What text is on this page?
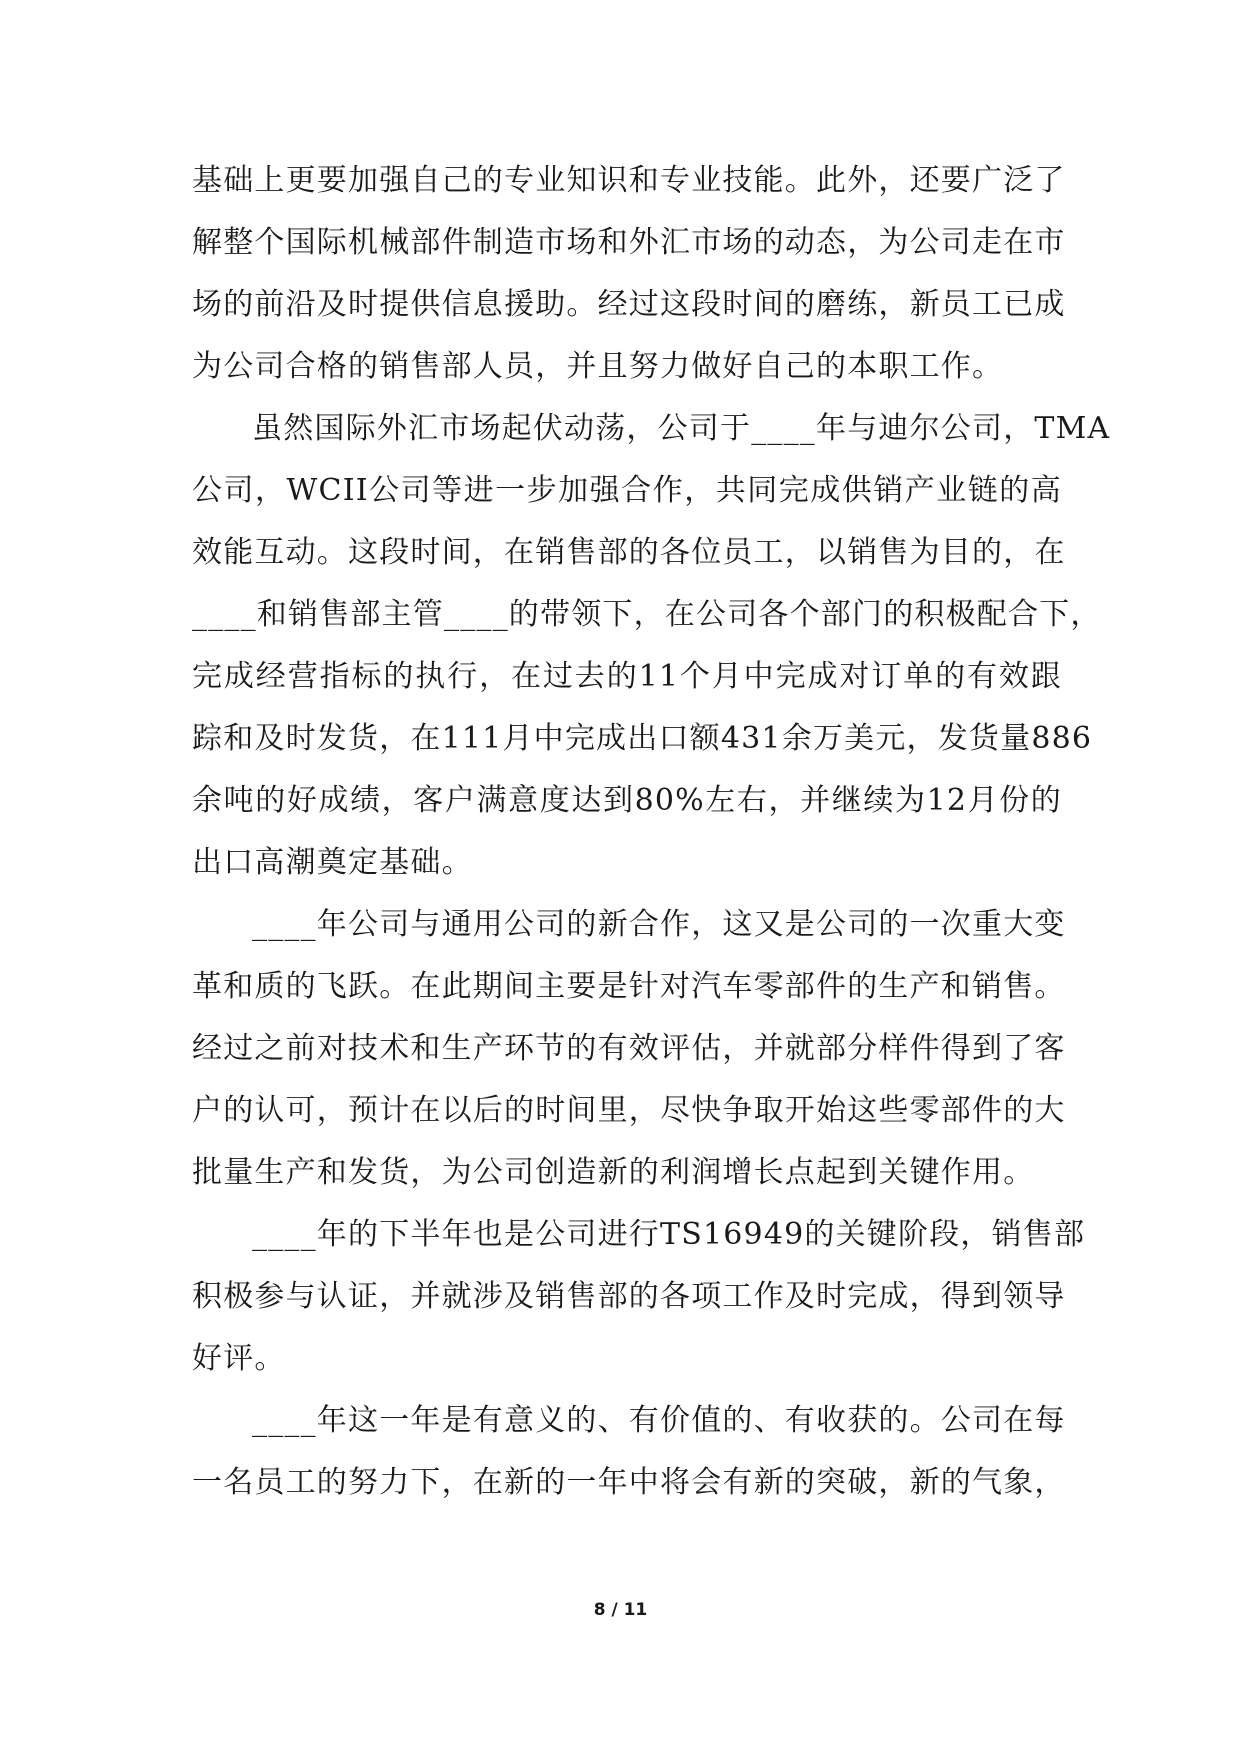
基础上更要加强自己的专业知识和专业技能。此外，还要广泛了
解整个国际机械部件制造市场和外汇市场的动态，为公司走在市
场的前沿及时提供信息援助。经过这段时间的磨练，新员工已成
为公司合格的销售部人员，并且努力做好自己的本职工作。
虽然国际外汇市场起伏动荡，公司于____年与迪尔公司，TMA
公司，WCII公司等进一步加强合作，共同完成供销产业链的高
效能互动。这段时间，在销售部的各位员工，以销售为目的，在
____和销售部主管____的带领下，在公司各个部门的积极配合下，
完成经营指标的执行，在过去的11个月中完成对订单的有效跟
踪和及时发货，在111月中完成出口额431余万美元，发货量886
余吨的好成绩，客户满意度达到80%左右，并继续为12月份的
出口高潮奠定基础。
____年公司与通用公司的新合作，这又是公司的一次重大变
革和质的飞跃。在此期间主要是针对汽车零部件的生产和销售。
经过之前对技术和生产环节的有效评估，并就部分样件得到了客
户的认可，预计在以后的时间里，尽快争取开始这些零部件的大
批量生产和发货，为公司创造新的利润增长点起到关键作用。
____年的下半年也是公司进行TS16949的关键阶段，销售部
积极参与认证，并就涉及销售部的各项工作及时完成，得到领导
好评。
____年这一年是有意义的、有价值的、有收获的。公司在每
一名员工的努力下，在新的一年中将会有新的突破，新的气象，
8 / 11
